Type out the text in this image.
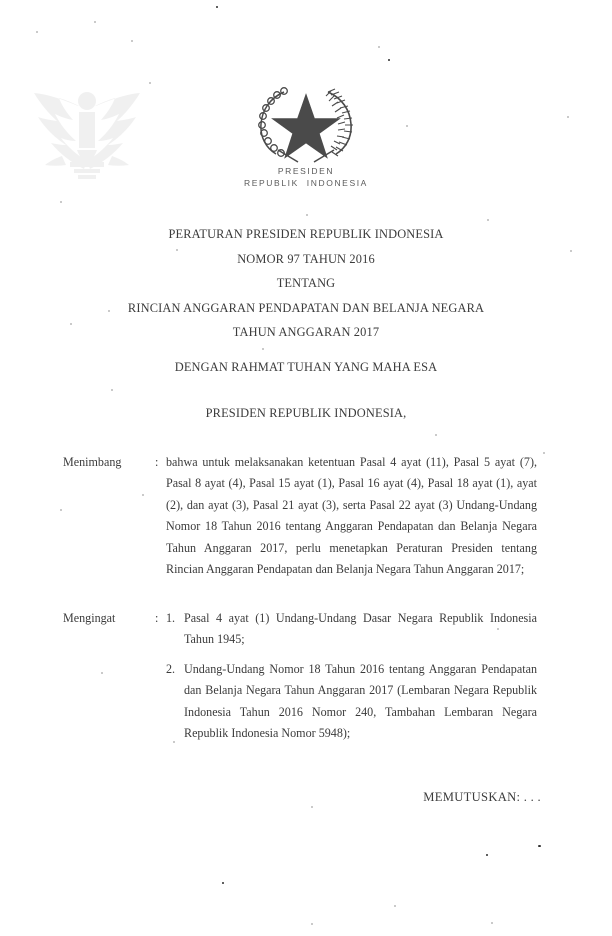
PRESIDEN
REPUBLIK  INDONESIA
PERATURAN PRESIDEN REPUBLIK INDONESIA
NOMOR 97 TAHUN 2016
TENTANG
RINCIAN ANGGARAN PENDAPATAN DAN BELANJA NEGARA
TAHUN ANGGARAN 2017
DENGAN RAHMAT TUHAN YANG MAHA ESA
PRESIDEN REPUBLIK INDONESIA,
Menimbang	: bahwa untuk melaksanakan ketentuan Pasal 4 ayat (11), Pasal 5 ayat (7), Pasal 8 ayat (4), Pasal 15 ayat (1), Pasal 16 ayat (4), Pasal 18 ayat (1), ayat (2), dan ayat (3), Pasal 21 ayat (3), serta Pasal 22 ayat (3) Undang-Undang Nomor 18 Tahun 2016 tentang Anggaran Pendapatan dan Belanja Negara Tahun Anggaran 2017, perlu menetapkan Peraturan Presiden tentang Rincian Anggaran Pendapatan dan Belanja Negara Tahun Anggaran 2017;

Mengingat	: 1. Pasal 4 ayat (1) Undang-Undang Dasar Negara Republik Indonesia Tahun 1945;
2. Undang-Undang Nomor 18 Tahun 2016 tentang Anggaran Pendapatan dan Belanja Negara Tahun Anggaran 2017 (Lembaran Negara Republik Indonesia Tahun 2016 Nomor 240, Tambahan Lembaran Negara Republik Indonesia Nomor 5948);
MEMUTUSKAN: . . .
